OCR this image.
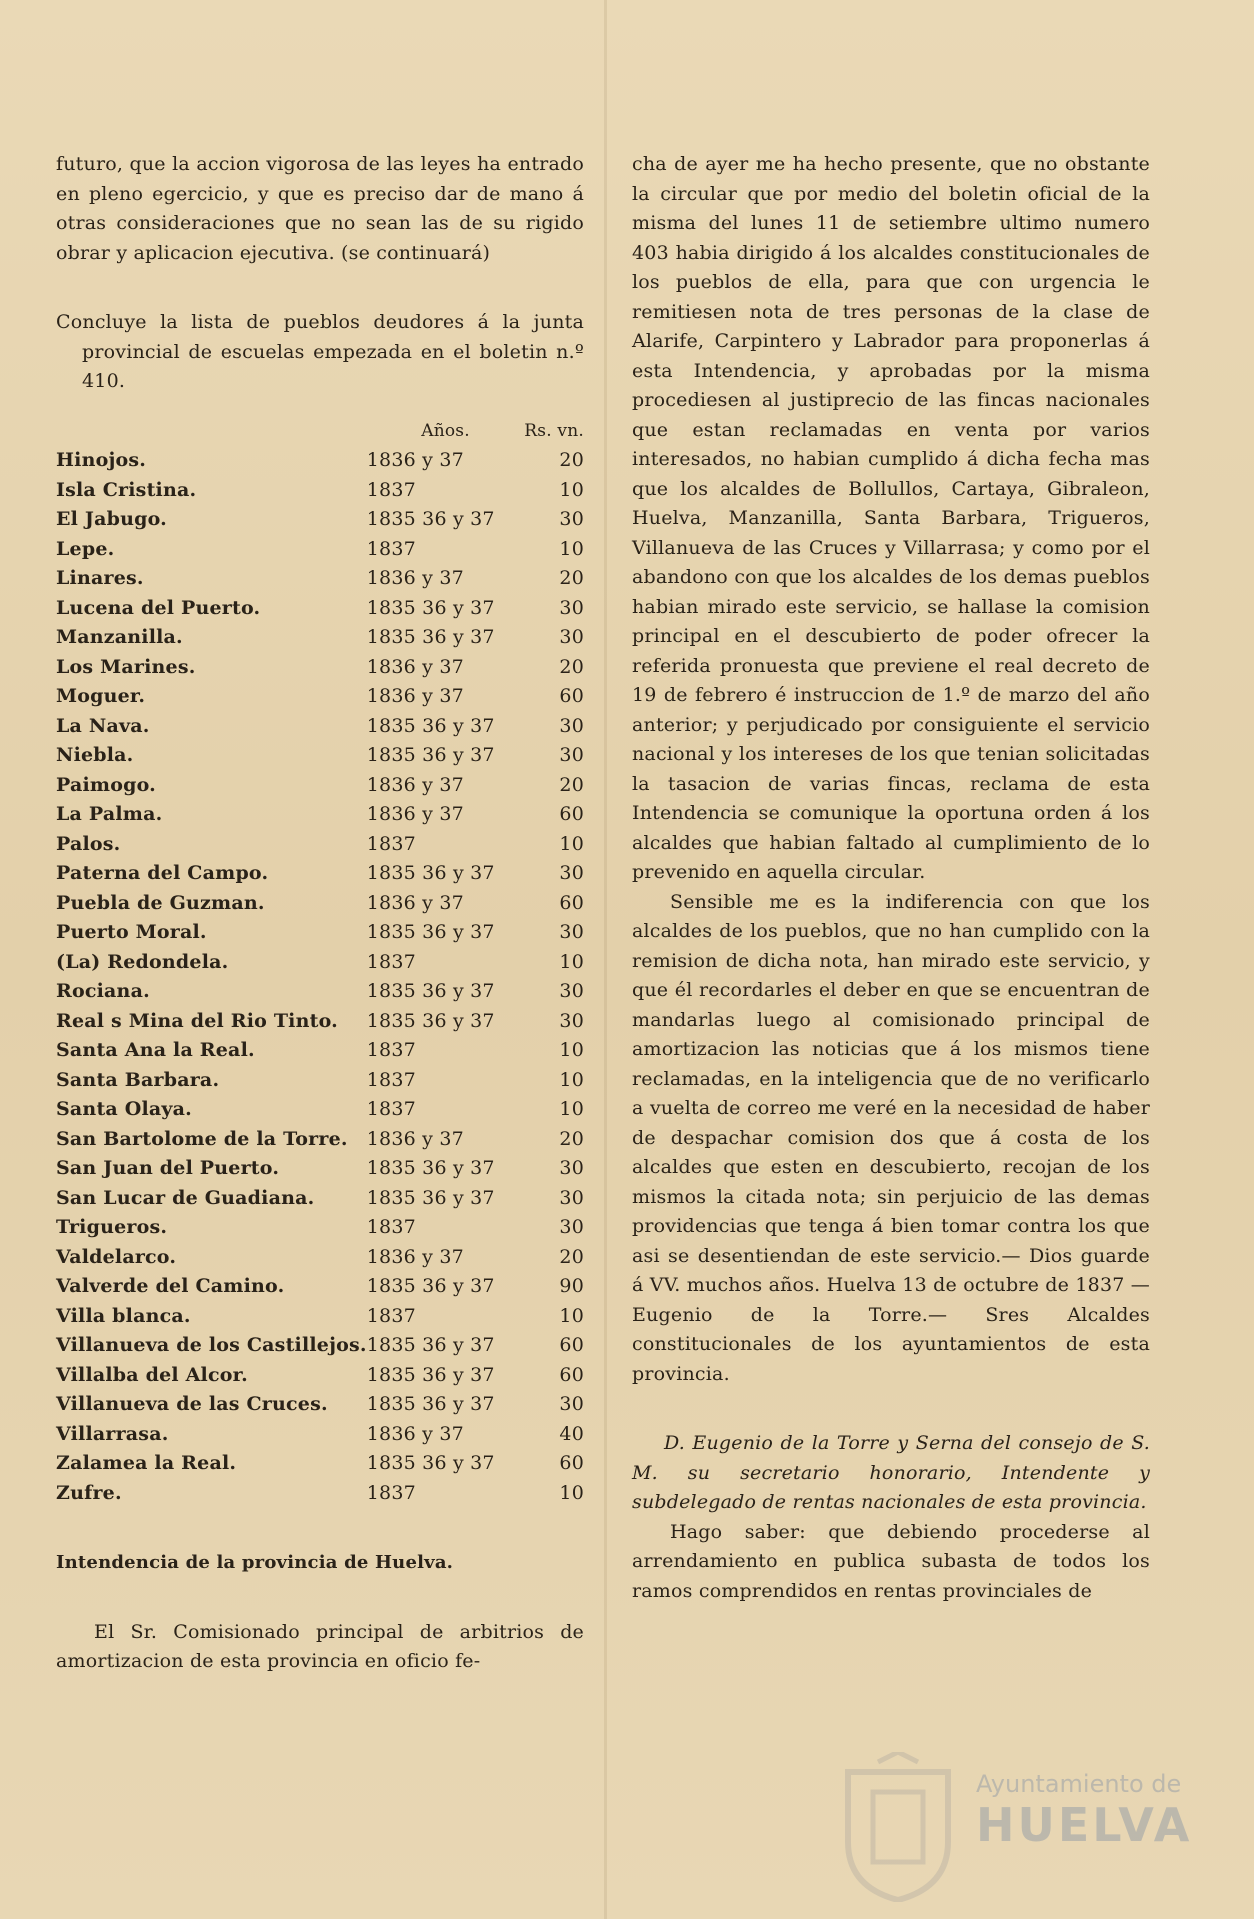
futuro, que la accion vigorosa de las leyes ha entrado en pleno egercicio, y que es preciso dar de mano á otras consideraciones que no sean las de su rigido obrar y aplicacion ejecutiva. (se continuará)

Concluye la lista de pueblos deudores á la junta provincial de escuelas empezada en el boletin n.º 410.

	Años.	Rs. vn.
Hinojos.	1836 y 37	20
Isla Cristina.	1837	10
El Jabugo.	1835 36 y 37	30
Lepe.	1837	10
Linares.	1836 y 37	20
Lucena del Puerto.	1835 36 y 37	30
Manzanilla.	1835 36 y 37	30
Los Marines.	1836 y 37	20
Moguer.	1836 y 37	60
La Nava.	1835 36 y 37	30
Niebla.	1835 36 y 37	30
Paimogo.	1836 y 37	20
La Palma.	1836 y 37	60
Palos.	1837	10
Paterna del Campo.	1835 36 y 37	30
Puebla de Guzman.	1836 y 37	60
Puerto Moral.	1835 36 y 37	30
(La) Redondela.	1837	10
Rociana.	1835 36 y 37	30
Real s Mina del Rio Tinto.	1835 36 y 37	30
Santa Ana la Real.	1837	10
Santa Barbara.	1837	10
Santa Olaya.	1837	10
San Bartolome de la Torre.	1836 y 37	20
San Juan del Puerto.	1835 36 y 37	30
San Lucar de Guadiana.	1835 36 y 37	30
Trigueros.	1837	30
Valdelarco.	1836 y 37	20
Valverde del Camino.	1835 36 y 37	90
Villa blanca.	1837	10
Villanueva de los Castillejos.	1835 36 y 37	60
Villalba del Alcor.	1835 36 y 37	60
Villanueva de las Cruces.	1835 36 y 37	30
Villarrasa.	1836 y 37	40
Zalamea la Real.	1835 36 y 37	60
Zufre.	1837	10

Intendencia de la provincia de Huelva.

El Sr. Comisionado principal de arbitrios de amortizacion de esta provincia en oficio fe-

cha de ayer me ha hecho presente, que no obstante la circular que por medio del boletin oficial de la misma del lunes 11 de setiembre ultimo numero 403 habia dirigido á los alcaldes constitucionales de los pueblos de ella, para que con urgencia le remitiesen nota de tres personas de la clase de Alarife, Carpintero y Labrador para proponerlas á esta Intendencia, y aprobadas por la misma procediesen al justiprecio de las fincas nacionales que estan reclamadas en venta por varios interesados, no habian cumplido á dicha fecha mas que los alcaldes de Bollullos, Cartaya, Gibraleon, Huelva, Manzanilla, Santa Barbara, Trigueros, Villanueva de las Cruces y Villarrasa; y como por el abandono con que los alcaldes de los demas pueblos habian mirado este servicio, se hallase la comision principal en el descubierto de poder ofrecer la referida pronuesta que previene el real decreto de 19 de febrero é instruccion de 1.º de marzo del año anterior; y perjudicado por consiguiente el servicio nacional y los intereses de los que tenian solicitadas la tasacion de varias fincas, reclama de esta Intendencia se comunique la oportuna orden á los alcaldes que habian faltado al cumplimiento de lo prevenido en aquella circular.

Sensible me es la indiferencia con que los alcaldes de los pueblos, que no han cumplido con la remision de dicha nota, han mirado este servicio, y que él recordarles el deber en que se encuentran de mandarlas luego al comisionado principal de amortizacion las noticias que á los mismos tiene reclamadas, en la inteligencia que de no verificarlo a vuelta de correo me veré en la necesidad de haber de despachar comision dos que á costa de los alcaldes que esten en descubierto, recojan de los mismos la citada nota; sin perjuicio de las demas providencias que tenga á bien tomar contra los que asi se desentiendan de este servicio.— Dios guarde á VV. muchos años. Huelva 13 de octubre de 1837 — Eugenio de la Torre.— Sres Alcaldes constitucionales de los ayuntamientos de esta provincia.

D. Eugenio de la Torre y Serna del consejo de S. M. su secretario honorario, Intendente y subdelegado de rentas nacionales de esta provincia.

Hago saber: que debiendo procederse al arrendamiento en publica subasta de todos los ramos comprendidos en rentas provinciales de

Ayuntamiento de
HUELVA
